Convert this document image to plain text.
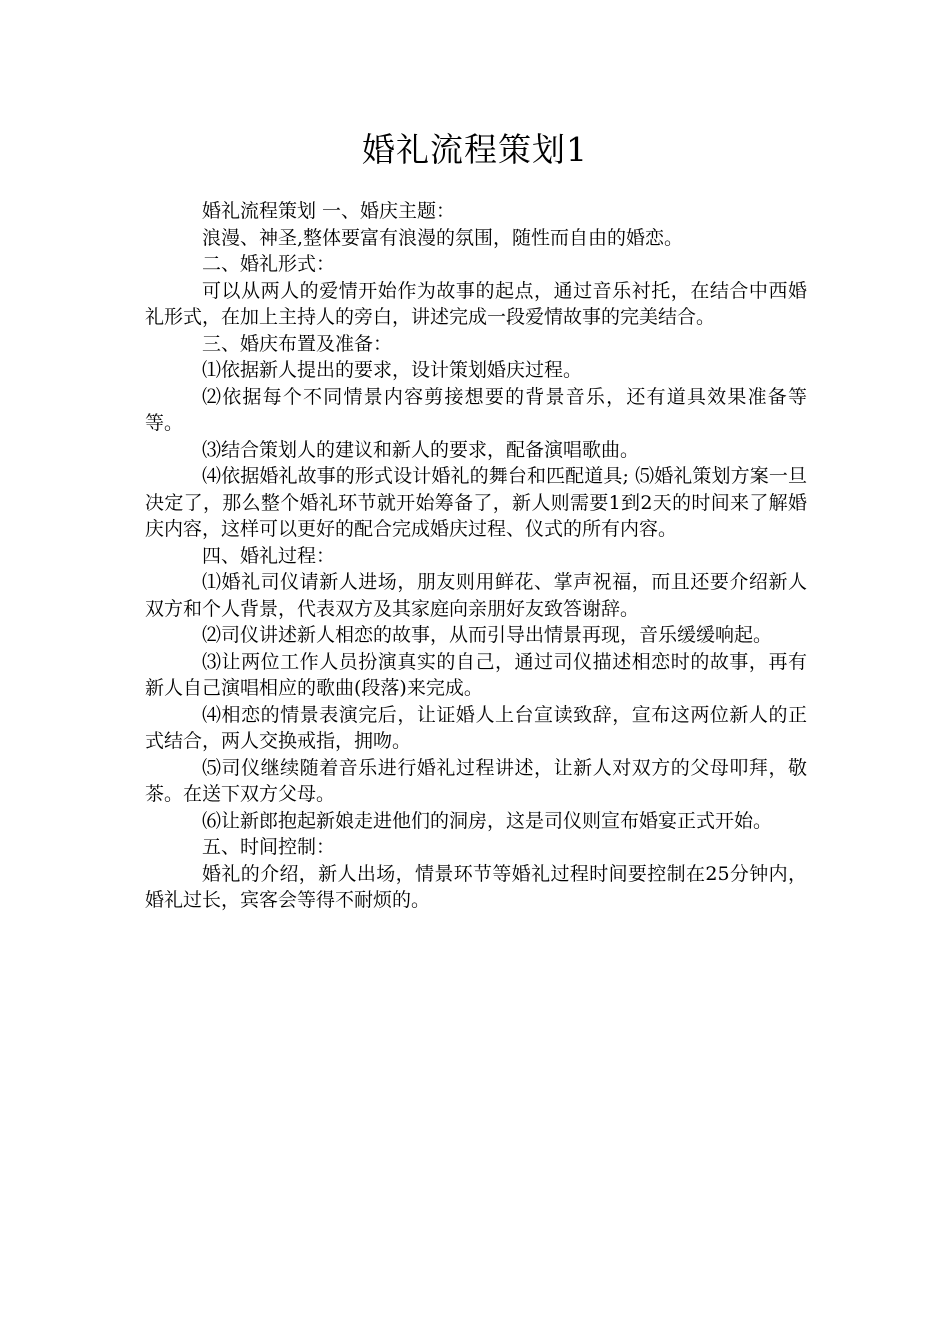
婚礼流程策划1

婚礼流程策划 一、婚庆主题：

浪漫、神圣,整体要富有浪漫的氛围，随性而自由的婚恋。

二、婚礼形式：

可以从两人的爱情开始作为故事的起点，通过音乐衬托，在结合中西婚礼形式，在加上主持人的旁白，讲述完成一段爱情故事的完美结合。

三、婚庆布置及准备：

⑴依据新人提出的要求，设计策划婚庆过程。

⑵依据每个不同情景内容剪接想要的背景音乐，还有道具效果准备等等。

⑶结合策划人的建议和新人的要求，配备演唱歌曲。

⑷依据婚礼故事的形式设计婚礼的舞台和匹配道具; ⑸婚礼策划方案一旦决定了，那么整个婚礼环节就开始筹备了，新人则需要1到2天的时间来了解婚庆内容，这样可以更好的配合完成婚庆过程、仪式的所有内容。

四、婚礼过程：

⑴婚礼司仪请新人进场，朋友则用鲜花、掌声祝福，而且还要介绍新人双方和个人背景，代表双方及其家庭向亲朋好友致答谢辞。

⑵司仪讲述新人相恋的故事，从而引导出情景再现，音乐缓缓响起。

⑶让两位工作人员扮演真实的自己，通过司仪描述相恋时的故事，再有新人自己演唱相应的歌曲(段落)来完成。

⑷相恋的情景表演完后，让证婚人上台宣读致辞，宣布这两位新人的正式结合，两人交换戒指，拥吻。

⑸司仪继续随着音乐进行婚礼过程讲述，让新人对双方的父母叩拜，敬茶。在送下双方父母。

⑹让新郎抱起新娘走进他们的洞房，这是司仪则宣布婚宴正式开始。

五、时间控制：

婚礼的介绍，新人出场，情景环节等婚礼过程时间要控制在25分钟内，婚礼过长，宾客会等得不耐烦的。
